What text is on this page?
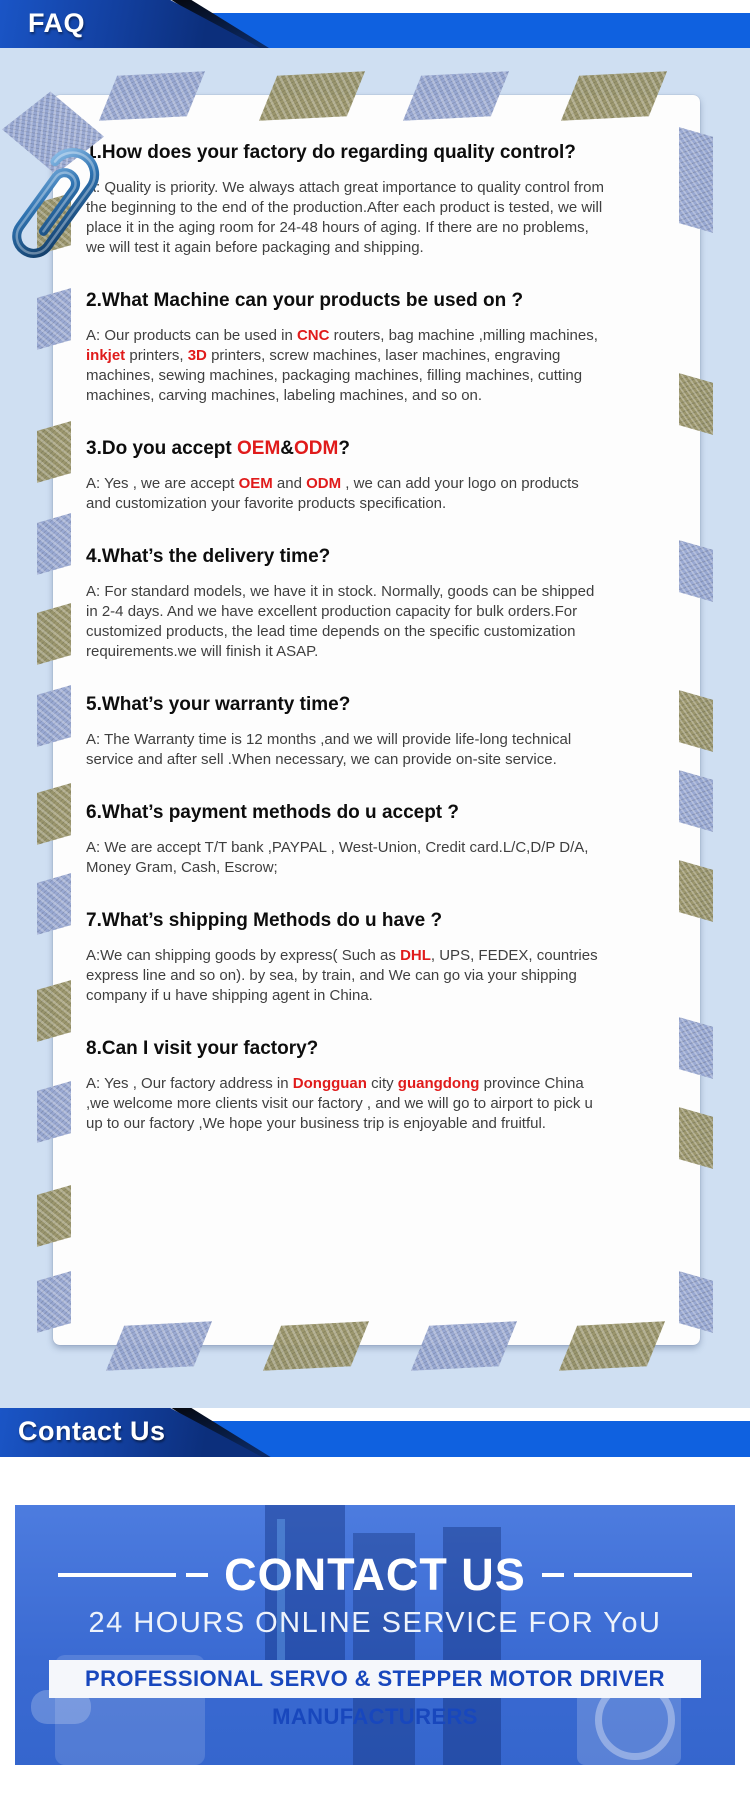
FAQ
1.How does your factory do regarding quality control?

A: Quality is priority. We always attach great importance to quality control from the beginning to the end of the production.After each product is tested, we will place it in the aging room for 24-48 hours of aging. If there are no problems, we will test it again before packaging and shipping.

2.What Machine can your products be used on ?

A: Our products can be used in CNC routers, bag machine ,milling machines, inkjet printers, 3D printers, screw machines, laser machines, engraving machines, sewing machines, packaging machines, filling machines, cutting machines, carving machines, labeling machines, and so on.

3.Do you accept OEM&ODM?

A: Yes , we are accept OEM and ODM , we can add your logo on products and customization your favorite products specification.

4.What’s the delivery time?

A: For standard models, we have it in stock. Normally, goods can be shipped in 2-4 days. And we have excellent production capacity for bulk orders.For customized products, the lead time depends on the specific customization requirements.we will finish it ASAP.

5.What’s your warranty time?

A: The Warranty time is 12 months ,and we will provide life-long technical service and after sell .When necessary, we can provide on-site service.

6.What’s payment methods do u accept ?

A: We are accept T/T bank ,PAYPAL , West-Union, Credit card.L/C,D/P D/A, Money Gram, Cash, Escrow;

7.What’s shipping Methods do u have ?

A:We can shipping goods by express( Such as DHL, UPS, FEDEX, countries express line and so on). by sea, by train, and We can go via your shipping company if u have shipping agent in China.

8.Can I visit your factory?

A: Yes , Our factory address in Dongguan city guangdong province China ,we welcome more clients visit our factory , and we will go to airport to pick u up to our factory ,We hope your business trip is enjoyable and fruitful.

Contact Us
CONTACT US
24 HOURS ONLINE SERVICE FOR YoU
PROFESSIONAL SERVO & STEPPER MOTOR DRIVER MANUFACTURERS
